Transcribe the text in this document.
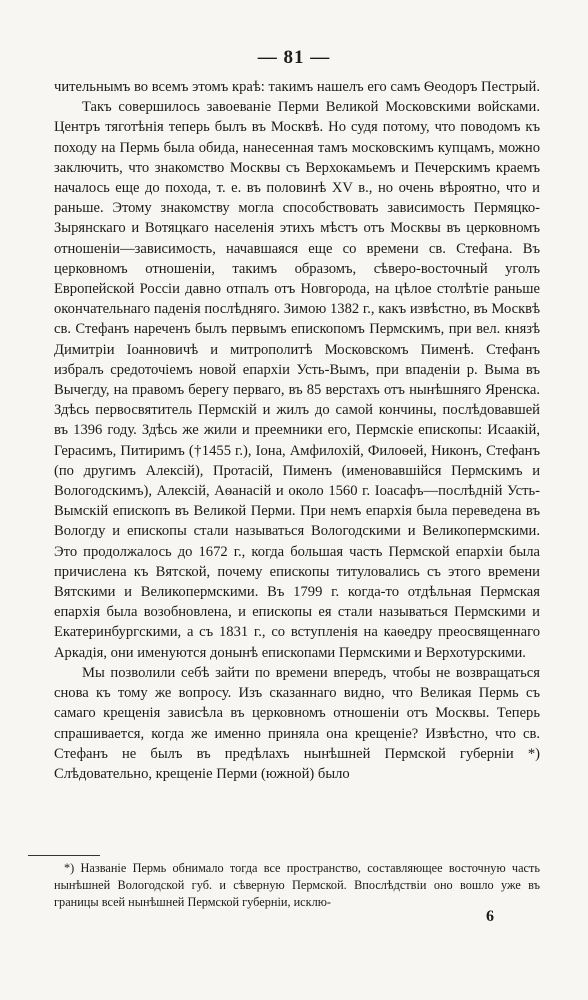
— 81 —

чительнымъ во всемъ этомъ краѣ: такимъ нашелъ его самъ Ѳеодоръ Пестрый.

Такъ совершилось завоеваніе Перми Великой Московскими войсками. Центръ тяготѣнія теперь былъ въ Москвѣ. Но судя потому, что поводомъ къ походу на Пермь была обида, нанесенная тамъ московскимъ купцамъ, можно заключить, что знакомство Москвы съ Верхокамьемъ и Печерскимъ краемъ началось еще до похода, т. е. въ половинѣ XV в., но очень вѣроятно, что и раньше. Этому знакомству могла способствовать зависимость Пермяцко-Зырянскаго и Вотяцкаго населенія этихъ мѣстъ отъ Москвы въ церковномъ отношеніи—зависимость, начавшаяся еще со времени св. Стефана. Въ церковномъ отношеніи, такимъ образомъ, сѣверо-восточный уголъ Европейской Россіи давно отпалъ отъ Новгорода, на цѣлое столѣтіе раньше окончательнаго паденія послѣдняго. Зимою 1382 г., какъ извѣстно, въ Москвѣ св. Стефанъ нареченъ былъ первымъ епископомъ Пермскимъ, при вел. князѣ Димитріи Іоанновичѣ и митрополитѣ Московскомъ Пименѣ. Стефанъ избралъ средоточіемъ новой епархіи Усть-Вымъ, при впаденіи р. Выма въ Вычегду, на правомъ берегу перваго, въ 85 верстахъ отъ нынѣшняго Яренска. Здѣсь первосвятитель Пермскій и жилъ до самой кончины, послѣдовавшей въ 1396 году. Здѣсь же жили и преемники его, Пермскіе епископы: Исаакій, Герасимъ, Питиримъ (†1455 г.), Іона, Амфилохій, Филоѳей, Никонъ, Стефанъ (по другимъ Алексій), Протасій, Пименъ (именовавшійся Пермскимъ и Вологодскимъ), Алексій, Аѳанасій и около 1560 г. Іоасафъ—послѣдній Усть-Вымскій епископъ въ Великой Перми. При немъ епархія была переведена въ Вологду и епископы стали называться Вологодскими и Великопермскими. Это продолжалось до 1672 г., когда большая часть Пермской епархіи была причислена къ Вятской, почему епископы титуловались съ этого времени Вятскими и Великопермскими. Въ 1799 г. когда-то отдѣльная Пермская епархія была возобновлена, и епископы ея стали называться Пермскими и Екатеринбургскими, а съ 1831 г., со вступленія на каѳедру преосвященнаго Аркадія, они именуются донынѣ епископами Пермскими и Верхотурскими.

Мы позволили себѣ зайти по времени впередъ, чтобы не возвращаться снова къ тому же вопросу. Изъ сказаннаго видно, что Великая Пермь съ самаго крещенія зависѣла въ церковномъ отношеніи отъ Москвы. Теперь спрашивается, когда же именно приняла она крещеніе? Извѣстно, что св. Стефанъ не былъ въ предѣлахъ нынѣшней Пермской губерніи *) Слѣдовательно, крещеніе Перми (южной) было

*) Названіе Пермь обнимало тогда все пространство, составляющее восточную часть нынѣшней Вологодской губ. и сѣверную Пермской. Впослѣдствіи оно вошло уже въ границы всей нынѣшней Пермской губерніи, исклю-
6
